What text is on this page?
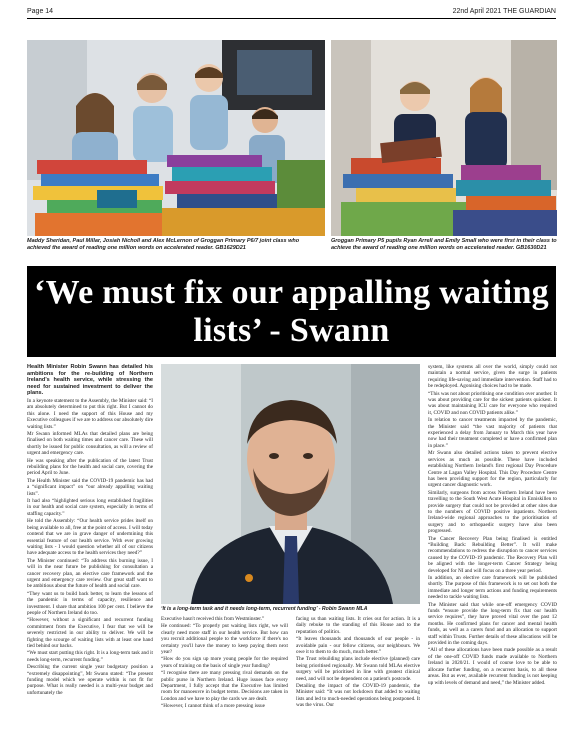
Page 14	22nd April 2021 THE GUARDIAN
Maddy Sheridan, Paul Millar, Josiah Nicholl and Alex McLernon of Groggan Primary P6/7 joint class who achieved the award of reading one million words on accelerated reader. GB1629D21
Groggan Primary P5 pupils Ryan Arrell and Emily Small who were first in their class to achieve the award of reading one million words on accelerated reader. GB1630D21
‘We must fix our appalling waiting lists’ - Swann

Health Minister Robin Swann has detailed his ambitions for the re-building of Northern Ireland's health service, while stressing the need for sustained investment to deliver the plans.

In a keynote statement to the Assembly, the Minister said: “I am absolutely determined to put this right. But I cannot do this alone. I need the support of this House and my Executive colleagues if we are to address our absolutely dire waiting lists.”

Mr Swann informed MLAs that detailed plans are being finalised on both waiting times and cancer care. These will shortly be issued for public consultation, as will a review of urgent and emergency care.

He was speaking after the publication of the latest Trust rebuilding plans for the health and social care, covering the period April to June.

The Health Minister said the COVID-19 pandemic has had a “significant impact” on “our already appalling waiting lists”.

It had also “highlighted serious long established fragilities in our health and social care system, especially in terms of staffing capacity.”

He told the Assembly: “Our health service prides itself on being available to all, free at the point of access. I will today contend that we are in grave danger of undermining this essential feature of our health service. With ever growing waiting lists - I would question whether all of our citizens have adequate access to the health services they need?”

The Minister continued: “To address this burning issue, I will in the near future be publishing for consultation a cancer recovery plan, an elective care framework and the urgent and emergency care review. Our great staff want to be ambitious about the future of health and social care.

“They want us to build back better, to learn the lessons of the pandemic in terms of capacity, resilience and investment. I share that ambition 100 per cent. I believe the people of Northern Ireland do too.

“However, without a significant and recurrent funding commitment from the Executive, I fear that we will be severely restricted in our ability to deliver. We will be fighting the scourge of waiting lists with at least one hand tied behind our backs.

“We must start putting this right. It is a long-term task and it needs long-term, recurrent funding.”

Describing the current single year budgetary position a “extremely disappointing”, Mr Swann stated: “The present funding model which we operate within is not fit for purpose. What is really needed is a multi-year budget and unfortunately the

‘It is a long-term task and it needs long-term, recurrent funding’ - Robin Swann MLA

Executive hasn't received this from Westminster.”

He continued: “To properly put waiting lists right, we will clearly need more staff in our health service. But how can you recruit additional people to the workforce if there's no certainty you'll have the money to keep paying them next year?

“How do you sign up more young people for the required years of training on the basis of single year funding?

“I recognise there are many pressing rival demands on the public purse in Northern Ireland. Huge issues face every Department, I fully accept that the Executive has limited room for manoeuvre in budget terms. Decisions are taken in London and we have to play the cards we are dealt.

“However, I cannot think of a more pressing issue

facing us than waiting lists. It cries out for action. It is a daily rebuke to the standing of this House and to the reputation of politics.

“It leaves thousands and thousands of our people - in avoidable pain - our fellow citizens, our neighbours. We owe it to them to do much, much better.”

The Trust rebuilding plans include elective (planned) care being prioritised regionally. Mr Swann told MLAs elective surgery will be prioritised in line with greatest clinical need, and will not be dependent on a patient's postcode.

Detailing the impact of the COVID-19 pandemic, the Minister said: “It was not lockdown that added to waiting lists and led to much-needed operations being postponed. It was the virus. Our

system, like systems all over the world, simply could not maintain a normal service, given the surge in patients requiring life-saving and immediate intervention. Staff had to be redeployed. Agonising choices had to be made.

“This was not about prioritising one condition over another. It was about providing care for the sickest patients quickest. It was about maintaining ICU care for everyone who required it, COVID and non COVID patients alike.”

In relation to cancer treatments impacted by the pandemic, the Minister said “the vast majority of patients that experienced a delay from January to March this year have now had their treatment completed or have a confirmed plan in place.”

Mr Swann also detailed actions taken to prevent elective services as much as possible. These have included establishing Northern Ireland's first regional Day Procedure Centre at Lagan Valley Hospital. This Day Procedure Centre has been providing support for the region, particularly for urgent cancer diagnostic work.

Similarly, surgeons from across Northern Ireland have been travelling to the South West Acute Hospital in Enniskillen to provide surgery that could not be provided at other sites due to the numbers of COVID positive inpatients. Northern Ireland-wide regional approaches to the prioritisation of surgery and to orthopaedic surgery have also been progressed.

The Cancer Recovery Plan being finalised is entitled “Building Back: Rebuilding Better”. It will make recommendations to redress the disruption to cancer services caused by the COVID-19 pandemic. The Recovery Plan will be aligned with the longer-term Cancer Strategy being developed for NI and will focus on a three year period.

In addition, an elective care framework will be published shortly. The purpose of this framework is to set out both the immediate and longer term actions and funding requirements needed to tackle waiting lists.

The Minister said that while one-off emergency COVID funds “ensure provide the long-term fix that our health service requires”, they have proved vital over the past 12 months. He confirmed plans for cancer and mental health funds, as well as a carers fund and an allocation to support staff within Trusts. Further details of these allocations will be provided in the coming days.

“All of these allocations have been made possible as a result of the one-off COVID funds made available to Northern Ireland in 2020/21. I would of course love to be able to allocate further funding, on a recurrent basis, to all these areas. But as ever, available recurrent funding is not keeping up with levels of demand and need,” the Minister added.
